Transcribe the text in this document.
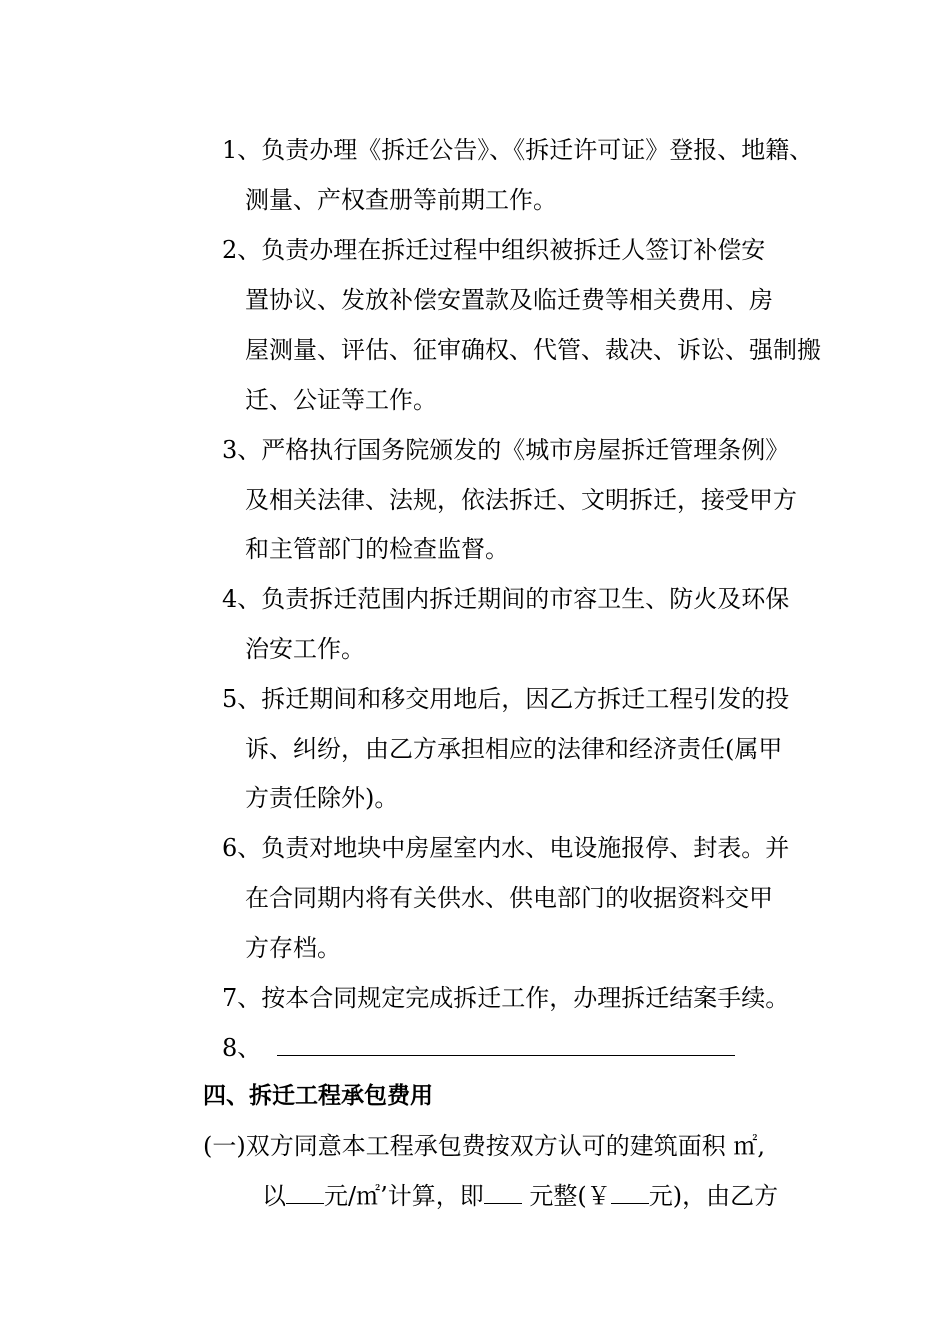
1、负责办理《拆迁公告》、《拆迁许可证》登报、地籍、
测量、产权查册等前期工作。
2、负责办理在拆迁过程中组织被拆迁人签订补偿安
置协议、发放补偿安置款及临迁费等相关费用、房
屋测量、评估、征审确权、代管、裁决、诉讼、强制搬
迁、公证等工作。
3、严格执行国务院颁发的《城市房屋拆迁管理条例》
及相关法律、法规，依法拆迁、文明拆迁，接受甲方
和主管部门的检查监督。
4、负责拆迁范围内拆迁期间的市容卫生、防火及环保
治安工作。
5、拆迁期间和移交用地后，因乙方拆迁工程引发的投
诉、纠纷，由乙方承担相应的法律和经济责任(属甲
方责任除外)。
6、负责对地块中房屋室内水、电设施报停、封表。并
在合同期内将有关供水、供电部门的收据资料交甲
方存档。
7、按本合同规定完成拆迁工作，办理拆迁结案手续。
8、
四、拆迁工程承包费用
(一)双方同意本工程承包费按双方认可的建筑面积 ㎡,
以 元/㎡’计算，即 元整(￥ 元)，由乙方
